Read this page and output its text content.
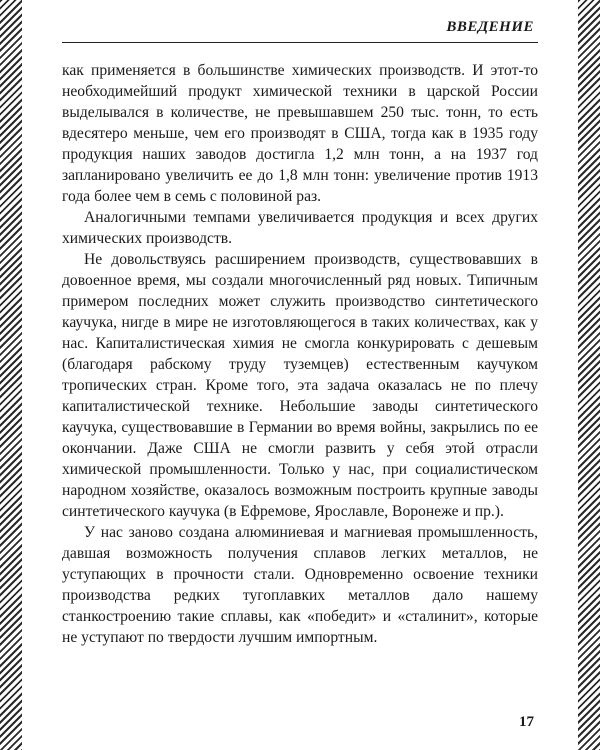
ВВЕДЕНИЕ

как применяется в большинстве химических производств. И этот-то необходимейший продукт химической техники в царской России выделывался в количестве, не превышавшем 250 тыс. тонн, то есть вдесятеро меньше, чем его производят в США, тогда как в 1935 году продукция наших заводов достигла 1,2 млн тонн, а на 1937 год запланировано увеличить ее до 1,8 млн тонн: увеличение против 1913 года более чем в семь с половиной раз.

Аналогичными темпами увеличивается продукция и всех других химических производств.

Не довольствуясь расширением производств, существовавших в довоенное время, мы создали многочисленный ряд новых. Типичным примером последних может служить производство синтетического каучука, нигде в мире не изготовляющегося в таких количествах, как у нас. Капиталистическая химия не смогла конкурировать с дешевым (благодаря рабскому труду туземцев) естественным каучуком тропических стран. Кроме того, эта задача оказалась не по плечу капиталистической технике. Небольшие заводы синтетического каучука, существовавшие в Германии во время войны, закрылись по ее окончании. Даже США не смогли развить у себя этой отрасли химической промышленности. Только у нас, при социалистическом народном хозяйстве, оказалось возможным построить крупные заводы синтетического каучука (в Ефремове, Ярославле, Воронеже и пр.).

У нас заново создана алюминиевая и магниевая промышленность, давшая возможность получения сплавов легких металлов, не уступающих в прочности стали. Одновременно освоение техники производства редких тугоплавких металлов дало нашему станкостроению такие сплавы, как «победит» и «сталинит», которые не уступают по твердости лучшим импортным.

17
